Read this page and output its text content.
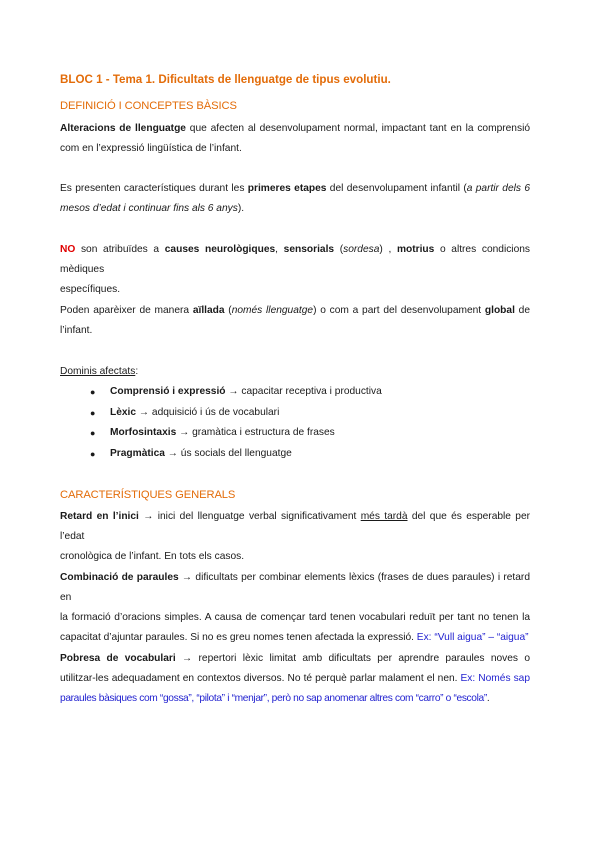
BLOC 1 - Tema 1. Dificultats de llenguatge de tipus evolutiu.
DEFINICIÓ I CONCEPTES BÀSICS
Alteracions de llenguatge que afecten al desenvolupament normal, impactant tant en la comprensió
com en l’expressió lingüística de l’infant.
Es presenten característiques durant les primeres etapes del desenvolupament infantil (a partir dels 6
mesos d’edat i continuar fins als 6 anys).
NO son atribuïdes a causes neurològiques, sensorials (sordesa) , motrius o altres condicions mèdiques
específiques.
Poden aparèixer de manera aïllada (només llenguatge) o com a part del desenvolupament global de
l’infant.
Dominis afectats:
● Comprensió i expressió → capacitar receptiva i productiva
● Lèxic → adquisició i ús de vocabulari
● Morfosintaxis → gramàtica i estructura de frases
● Pragmàtica → ús socials del llenguatge
CARACTERÍSTIQUES GENERALS
Retard en l’inici → inici del llenguatge verbal significativament més tardà del que és esperable per l’edat
cronològica de l’infant. En tots els casos.
Combinació de paraules → dificultats per combinar elements lèxics (frases de dues paraules) i retard en
la formació d’oracions simples. A causa de començar tard tenen vocabulari reduït per tant no tenen la
capacitat d’ajuntar paraules. Si no es greu nomes tenen afectada la expressió. Ex: “Vull aigua” – “aigua”
Pobresa de vocabulari → repertori lèxic limitat amb dificultats per aprendre paraules noves o
utilitzar-les adequadament en contextos diversos. No té perquè parlar malament el nen. Ex: Només sap
paraules bàsiques com “gossa”, “pilota” i “menjar”, però no sap anomenar altres com “carro” o “escola”.
